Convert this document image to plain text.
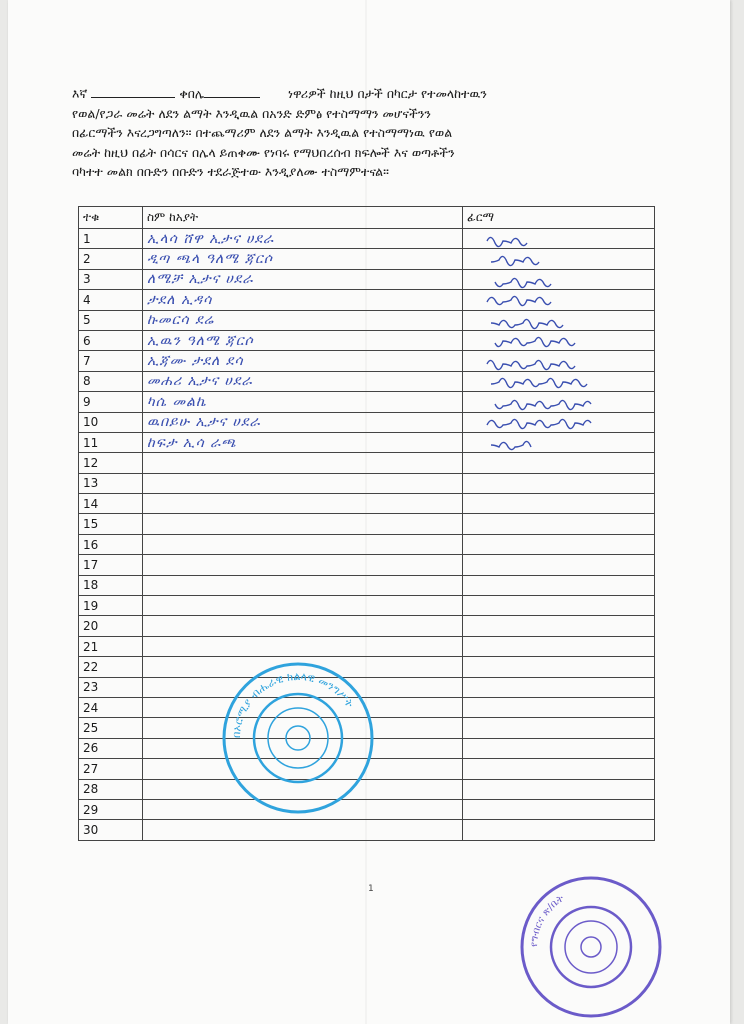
እኛ	ቀበሌ	ነዋሪዎች ከዚህ በታች በካርታ የተመላከተዉን
የወል/የጋራ መሬት ለደን ልማት እንዲዉል በአንድ ድምፅ የተስማማን መሆናችንን
በፊርማችን እናረጋግጣለን። በተጨማሪም ለደን ልማት እንዲዉል የተስማማነዉ የወል
መሬት ከዚህ በፊት በሳርና በሌላ ይጠቀሙ የነባሩ የማህበረሰብ ክፍሎች እና ወጣቶችን
ባካተተ መልክ በቡድን በቡድን ተደራጅተው እንዲያለሙ ተስማምተናል።
ተቁ	ስም ከአያት	ፊርማ
1	ኢላሳ ሸዋ ኢታና ሀደራ	

2	ዲጣ ጫላ ዓለሜ ጃርሶ	

3	ለሜቻ ኢታና ሀደራ	

4	ታደለ ኢዳሳ	

5	ኩመርሳ ደሬ	

6	ኢዉን ዓለሜ ጃርሶ	

7	ኢጃሙ ታደለ ደሳ	

8	መሐሪ ኢታና ሀደራ	

9	ካሴ መልኬ	

10	ዉበይሁ ኢታና ሀደራ	

11	ከፍታ ኢሳ ራጫ	

12		
13		
14		
15		
16		
17		
18		
19		
20		
21		
22		
23		
24		
25		
26		
27		
28		
29		
30		
በኦሮሚያ ብሔራዊ ክልላዊ መንግሥት
የግብርና ጽ/ቤት
1
